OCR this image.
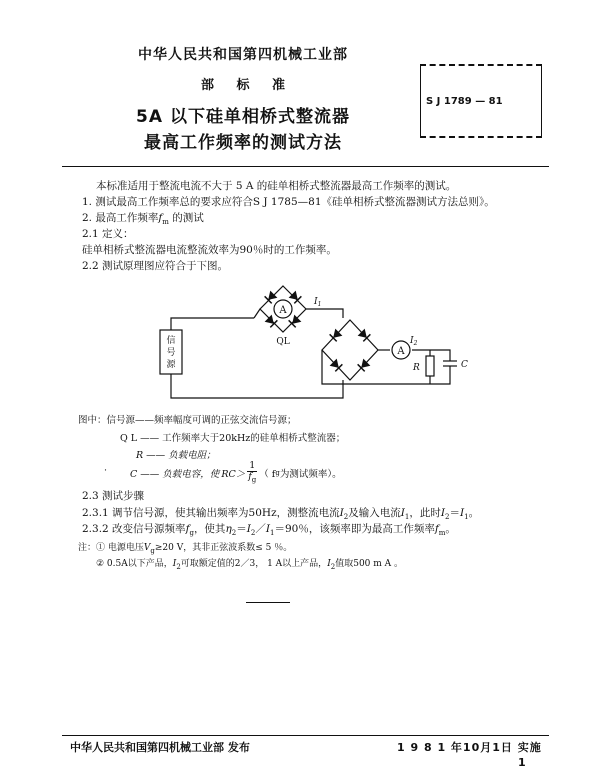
中华人民共和国第四机械工业部
部 标 准
5A 以下硅单相桥式整流器
最高工作频率的测试方法
S J 1789 — 81
本标准适用于整流电流不大于 5 A 的硅单相桥式整流器最高工作频率的测试。
1. 测试最高工作频率总的要求应符合S J 1785—81《硅单相桥式整流器测试方法总则》。
2. 最高工作频率$f_m$ 的测试
2.1 定义：
硅单相桥式整流器电流整流效率为90％时的工作频率。
2.2 测试原理图应符合于下图。
A
A
信
号
源
QL
$I_1$
$I_2$
R	C
图中：信号源——频率幅度可调的正弦交流信号源；
Q L —— 工作频率大于20kHz的硅单相桥式整流器；
R —— 负载电阻；
· C —— 负载电容，使 $RC> \frac{1}{f_g}$ （ f g 为测试频率）。
2.3 测试步骤
2.3.1 调节信号源，使其输出频率为50Hz，测整流电流$I_2$及输入电流$I_1$，此时$I_2=I_1$。
2.3.2 改变信号源频率$f_g$，使其$\eta_2=I_2/I_1=90$％，该频率即为最高工作频率$f_m$。
注：① 电源电压$V_g\ge 20$ V，其非正弦波系数≤ 5 ％。
② 0.5A以下产品，$I_2$可取额定值的2／3， 1 A以上产品，$I_2$值取500 m A 。
中华人民共和国第四机械工业部 发布	1 9 8 1 年10月1日 实施
1
